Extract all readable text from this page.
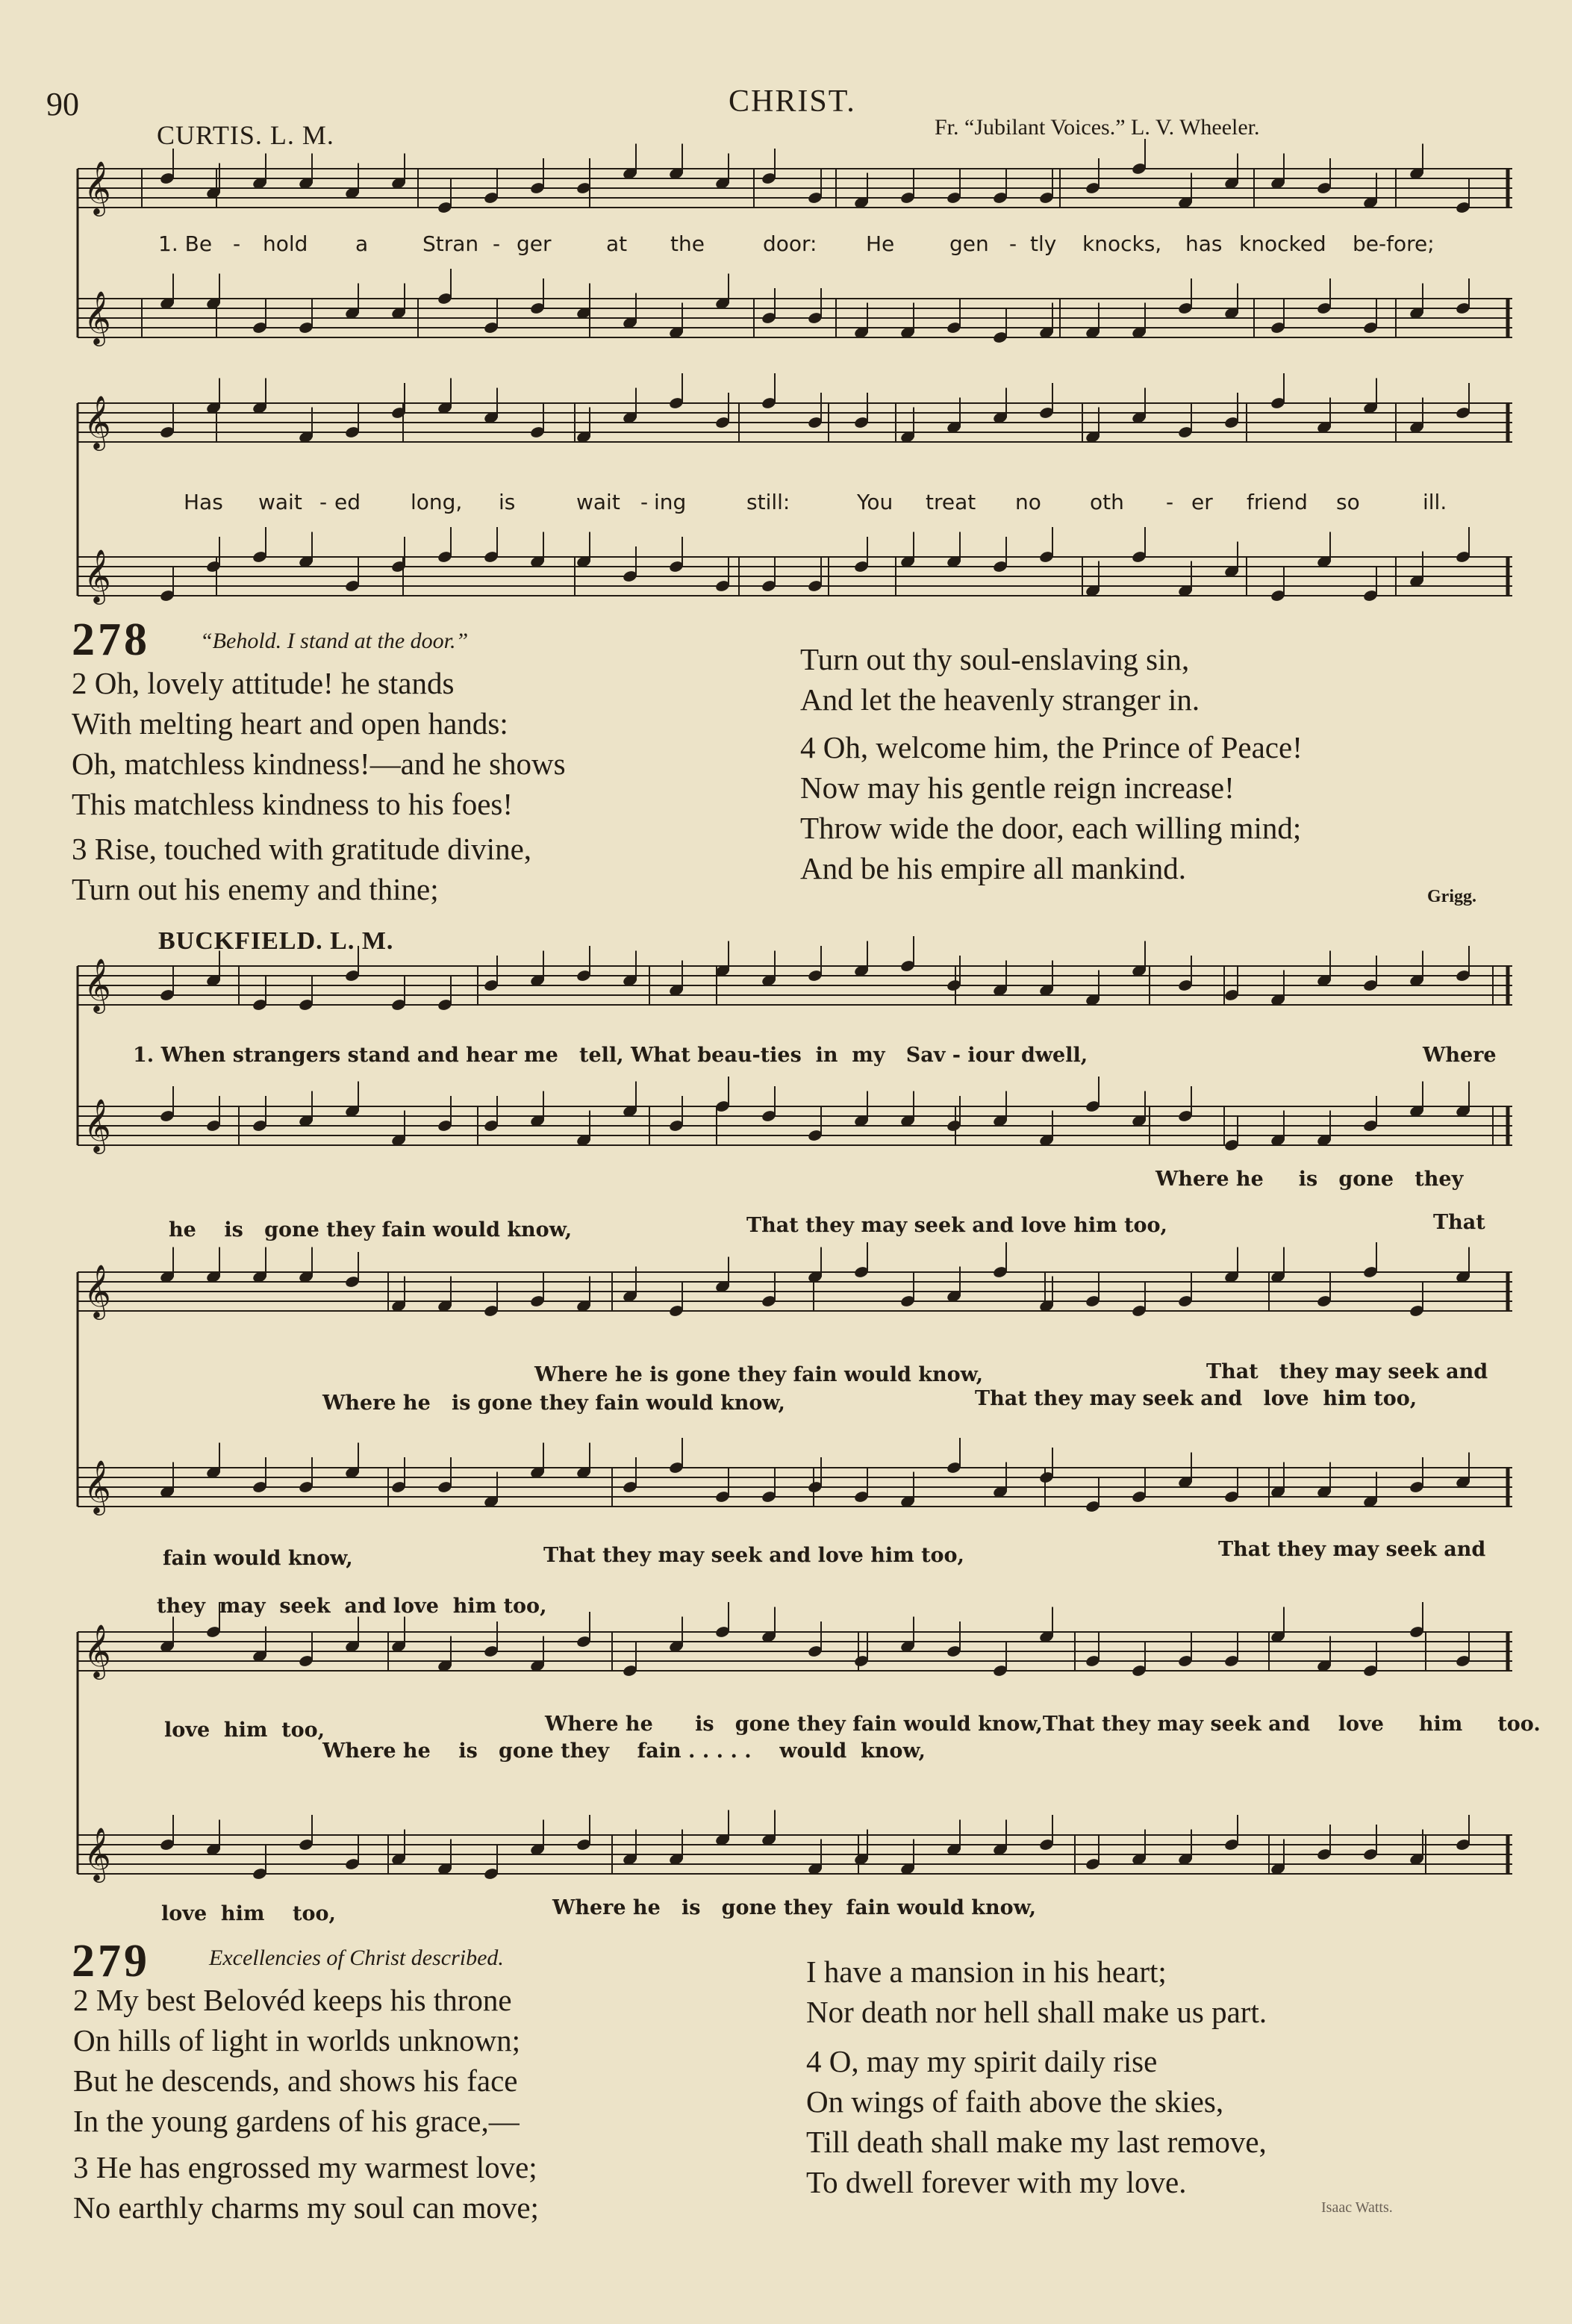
90	CHRIST.
CURTIS. L. M.	Fr. “Jubilant Voices.” L. V. Wheeler.
𝄞
𝄞
𝄞
𝄞
𝄞
𝄞
𝄞
𝄞
𝄞
𝄞
1. Be - hold a	Stran - ger	at the	door: He	gen - tly knocks, has knocked be-fore;
Has wait - ed long, is	wait - ing	still:	You treat no oth - er friend so	ill.
278 “Behold. I stand at the door.”
2 Oh, lovely attitude! he stands
With melting heart and open hands:
Oh, matchless kindness!—and he shows
This matchless kindness to his foes!
3 Rise, touched with gratitude divine,
Turn out his enemy and thine;
Turn out thy soul-enslaving sin,
And let the heavenly stranger in.
4 Oh, welcome him, the Prince of Peace!
Now may his gentle reign increase!
Throw wide the door, each willing mind;
And be his empire all mankind.
Grigg.
BUCKFIELD. L. M.
1. When strangers stand and hear me   tell, What beau-ties  in  my   Sav - iour dwell,	Where
Where he     is   gone   they
he    is   gone they fain would know,	That they may seek and love him too,	That
Where he is gone they fain would know,	That   they may seek and
Where he   is gone they fain would know,	That they may seek and   love  him too,
fain would know,	That they may seek and love him too,	That they may seek and
they  may  seek  and love  him too,
love  him  too,	Where he      is   gone they fain would know,That they may seek and    love     him     too.
Where he    is   gone they    fain . . . . .    would  know,
love  him    too,	Where he   is   gone they  fain would know,
279	Excellencies of Christ described.
2 My best Belovéd keeps his throne
On hills of light in worlds unknown;
But he descends, and shows his face
In the young gardens of his grace,—
3 He has engrossed my warmest love;
No earthly charms my soul can move;
I have a mansion in his heart;
Nor death nor hell shall make us part.
4 O, may my spirit daily rise
On wings of faith above the skies,
Till death shall make my last remove,
To dwell forever with my love.
Isaac Watts.
